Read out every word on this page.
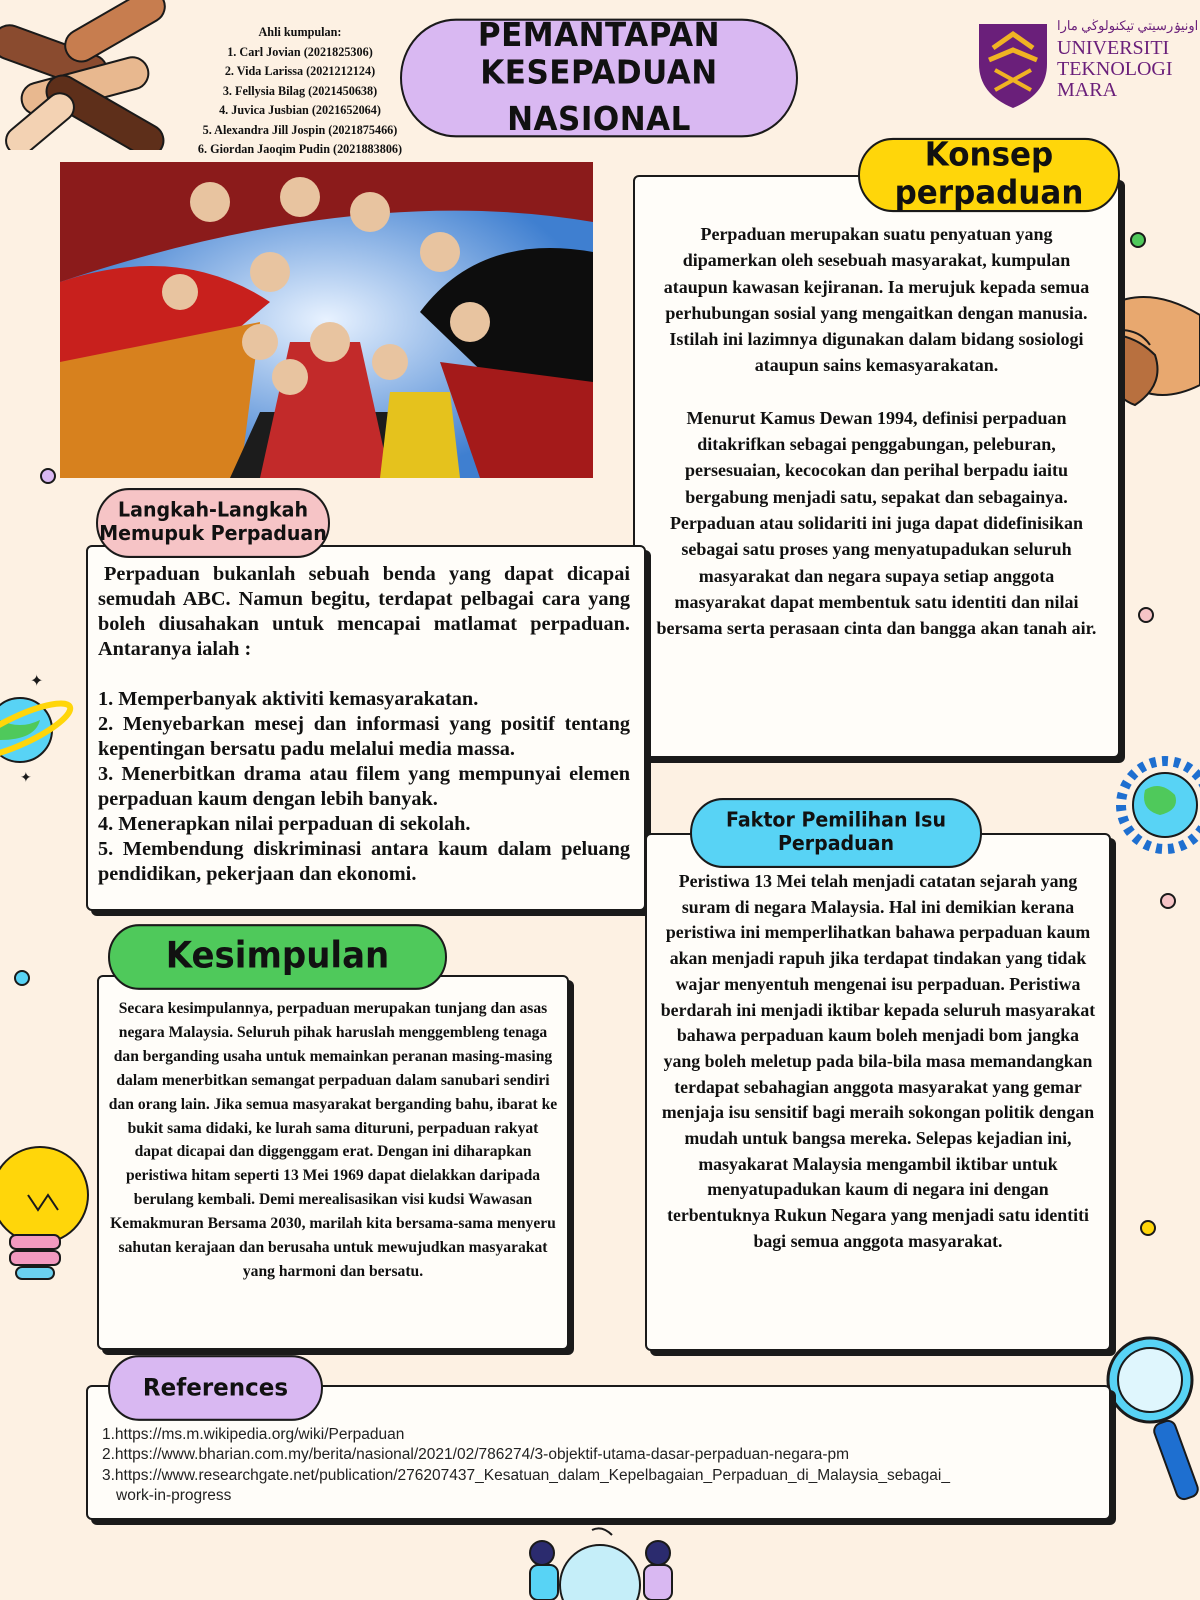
✦
✦
Ahli kumpulan:
1. Carl Jovian (2021825306)
2. Vida Larissa (2021212124)
3. Fellysia Bilag (2021450638)
4. Juvica Jusbian (2021652064)
5. Alexandra Jill Jospin (2021875466)
6. Giordan Jaoqim Pudin (2021883806)
PEMANTAPAN KESEPADUAN
NASIONAL
اونيۏرسيتي تيكنولوڬي مارا
UNIVERSITI
TEKNOLOGI
MARA

Perpaduan merupakan suatu penyatuan yang dipamerkan oleh sesebuah masyarakat, kumpulan ataupun kawasan kejiranan. Ia merujuk kepada semua perhubungan sosial yang mengaitkan dengan manusia. Istilah ini lazimnya digunakan dalam bidang sosiologi ataupun sains kemasyarakatan.

Menurut Kamus Dewan 1994, definisi perpaduan ditakrifkan sebagai penggabungan, peleburan, persesuaian, kecocokan dan perihal berpadu iaitu bergabung menjadi satu, sepakat dan sebagainya. Perpaduan atau solidariti ini juga dapat didefinisikan sebagai satu proses yang menyatupadukan seluruh masyarakat dan negara supaya setiap anggota masyarakat dapat membentuk satu identiti dan nilai bersama serta perasaan cinta dan bangga akan tanah air.

Konsep perpaduan

Perpaduan bukanlah sebuah benda yang dapat dicapai semudah ABC. Namun begitu, terdapat pelbagai cara yang boleh diusahakan untuk mencapai matlamat perpaduan. Antaranya ialah :

1. Memperbanyak aktiviti kemasyarakatan.

2. Menyebarkan mesej dan informasi yang positif tentang kepentingan bersatu padu melalui media massa.

3. Menerbitkan drama atau filem yang mempunyai elemen perpaduan kaum dengan lebih banyak.

4. Menerapkan nilai perpaduan di sekolah.

5. Membendung diskriminasi antara kaum dalam peluang pendidikan, pekerjaan dan ekonomi.

Langkah-Langkah
Memupuk Perpaduan

Peristiwa 13 Mei telah menjadi catatan sejarah yang suram di negara Malaysia. Hal ini demikian kerana peristiwa ini memperlihatkan bahawa perpaduan kaum akan menjadi rapuh jika terdapat tindakan yang tidak wajar menyentuh mengenai isu perpaduan. Peristiwa berdarah ini menjadi iktibar kepada seluruh masyarakat bahawa perpaduan kaum boleh menjadi bom jangka yang boleh meletup pada bila-bila masa memandangkan terdapat sebahagian anggota masyarakat yang gemar menjaja isu sensitif bagi meraih sokongan politik dengan mudah untuk bangsa mereka. Selepas kejadian ini, masyakarat Malaysia mengambil iktibar untuk menyatupadukan kaum di negara ini dengan terbentuknya Rukun Negara yang menjadi satu identiti bagi semua anggota masyarakat.

Faktor Pemilihan Isu
Perpaduan

Secara kesimpulannya, perpaduan merupakan tunjang dan asas negara Malaysia. Seluruh pihak haruslah menggembleng tenaga dan berganding usaha untuk memainkan peranan masing-masing dalam menerbitkan semangat perpaduan dalam sanubari sendiri dan orang lain. Jika semua masyarakat berganding bahu, ibarat ke bukit sama didaki, ke lurah sama dituruni, perpaduan rakyat dapat dicapai dan diggenggam erat. Dengan ini diharapkan peristiwa hitam seperti 13 Mei 1969 dapat dielakkan daripada berulang kembali. Demi merealisasikan visi kudsi Wawasan Kemakmuran Bersama 2030, marilah kita bersama-sama menyeru sahutan kerajaan dan berusaha untuk mewujudkan masyarakat yang harmoni dan bersatu.

Kesimpulan
1.https://ms.m.wikipedia.org/wiki/Perpaduan
2.https://www.bharian.com.my/berita/nasional/2021/02/786274/3-objektif-utama-dasar-perpaduan-negara-pm
3.https://www.researchgate.net/publication/276207437_Kesatuan_dalam_Kepelbagaian_Perpaduan_di_Malaysia_sebagai_
work-in-progress
References
